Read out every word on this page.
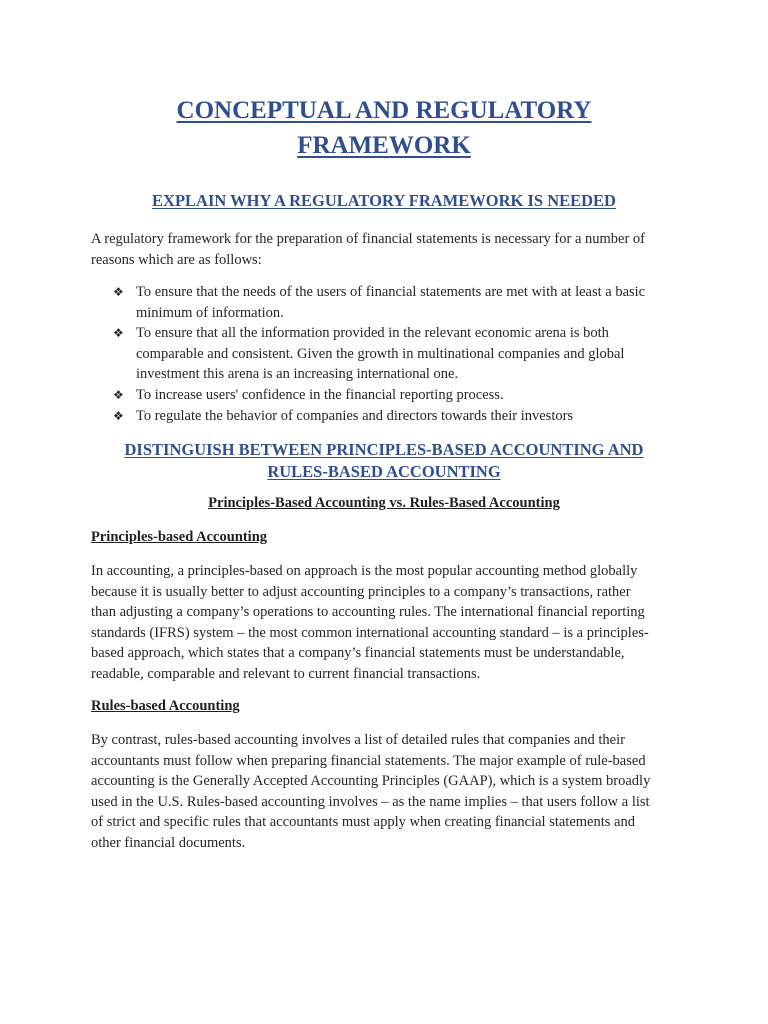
CONCEPTUAL AND REGULATORY
FRAMEWORK
EXPLAIN WHY A REGULATORY FRAMEWORK IS NEEDED
A regulatory framework for the preparation of financial statements is necessary for a number of
reasons which are as follows:
❖ To ensure that the needs of the users of financial statements are met with at least a basic
minimum of information.
❖ To ensure that all the information provided in the relevant economic arena is both
comparable and consistent. Given the growth in multinational companies and global
investment this arena is an increasing international one.
❖ To increase users' confidence in the financial reporting process.
❖ To regulate the behavior of companies and directors towards their investors
DISTINGUISH BETWEEN PRINCIPLES-BASED ACCOUNTING AND
RULES-BASED ACCOUNTING
Principles-Based Accounting vs. Rules-Based Accounting
Principles-based Accounting
In accounting, a principles-based on approach is the most popular accounting method globally
because it is usually better to adjust accounting principles to a company’s transactions, rather
than adjusting a company’s operations to accounting rules. The international financial reporting
standards (IFRS) system – the most common international accounting standard – is a principles-
based approach, which states that a company’s financial statements must be understandable,
readable, comparable and relevant to current financial transactions.
Rules-based Accounting
By contrast, rules-based accounting involves a list of detailed rules that companies and their
accountants must follow when preparing financial statements. The major example of rule-based
accounting is the Generally Accepted Accounting Principles (GAAP), which is a system broadly
used in the U.S. Rules-based accounting involves – as the name implies – that users follow a list
of strict and specific rules that accountants must apply when creating financial statements and
other financial documents.
